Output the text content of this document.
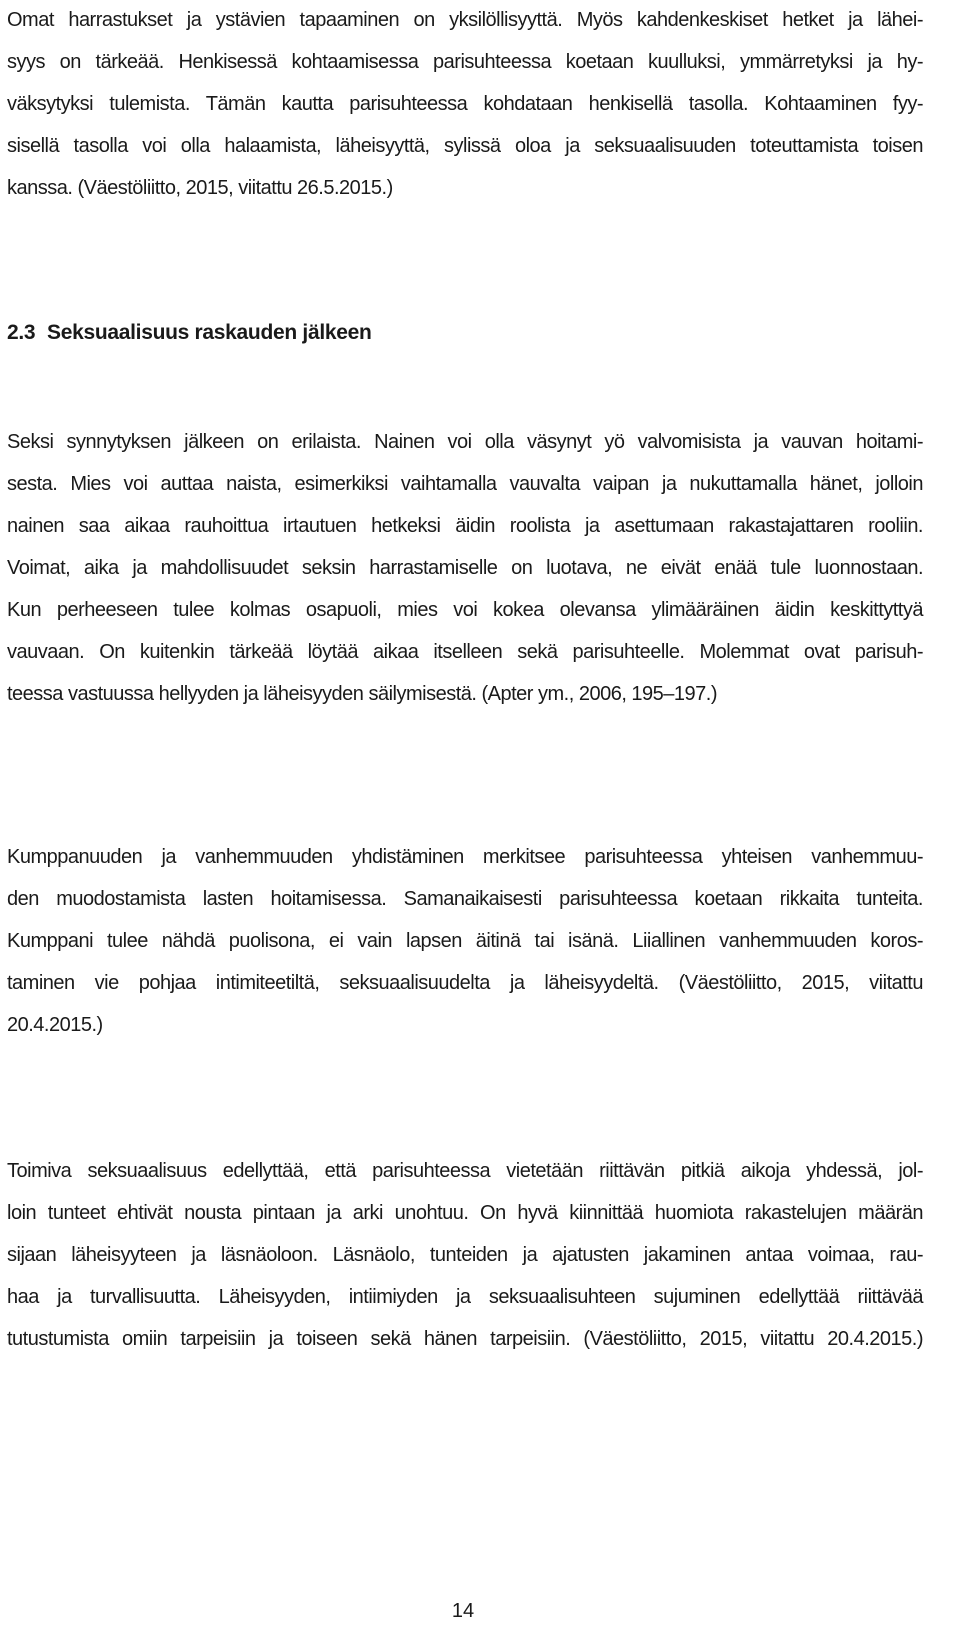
Omat harrastukset ja ystävien tapaaminen on yksilöllisyyttä. Myös kahdenkeskiset hetket ja lähei-
syys on tärkeää. Henkisessä kohtaamisessa parisuhteessa koetaan kuulluksi, ymmärretyksi ja hy-
väksytyksi tulemista. Tämän kautta parisuhteessa kohdataan henkisellä tasolla. Kohtaaminen fyy-
sisellä tasolla voi olla halaamista, läheisyyttä, sylissä oloa ja seksuaalisuuden toteuttamista toisen
kanssa. (Väestöliitto, 2015, viitattu 26.5.2015.)
2.3 Seksuaalisuus raskauden jälkeen
Seksi synnytyksen jälkeen on erilaista. Nainen voi olla väsynyt yö valvomisista ja vauvan hoitami-
sesta. Mies voi auttaa naista, esimerkiksi vaihtamalla vauvalta vaipan ja nukuttamalla hänet, jolloin
nainen saa aikaa rauhoittua irtautuen hetkeksi äidin roolista ja asettumaan rakastajattaren rooliin.
Voimat, aika ja mahdollisuudet seksin harrastamiselle on luotava, ne eivät enää tule luonnostaan.
Kun perheeseen tulee kolmas osapuoli, mies voi kokea olevansa ylimääräinen äidin keskittyttyä
vauvaan. On kuitenkin tärkeää löytää aikaa itselleen sekä parisuhteelle. Molemmat ovat parisuh-
teessa vastuussa hellyyden ja läheisyyden säilymisestä. (Apter ym., 2006, 195–197.)
Kumppanuuden ja vanhemmuuden yhdistäminen merkitsee parisuhteessa yhteisen vanhemmuu-
den muodostamista lasten hoitamisessa. Samanaikaisesti parisuhteessa koetaan rikkaita tunteita.
Kumppani tulee nähdä puolisona, ei vain lapsen äitinä tai isänä. Liiallinen vanhemmuuden koros-
taminen vie pohjaa intimiteetiltä, seksuaalisuudelta ja läheisyydeltä. (Väestöliitto, 2015, viitattu
20.4.2015.)
Toimiva seksuaalisuus edellyttää, että parisuhteessa vietetään riittävän pitkiä aikoja yhdessä, jol-
loin tunteet ehtivät nousta pintaan ja arki unohtuu. On hyvä kiinnittää huomiota rakastelujen määrän
sijaan läheisyyteen ja läsnäoloon. Läsnäolo, tunteiden ja ajatusten jakaminen antaa voimaa, rau-
haa ja turvallisuutta. Läheisyyden, intiimiyden ja seksuaalisuhteen sujuminen edellyttää riittävää
tutustumista omiin tarpeisiin ja toiseen sekä hänen tarpeisiin. (Väestöliitto, 2015, viitattu 20.4.2015.)
14
